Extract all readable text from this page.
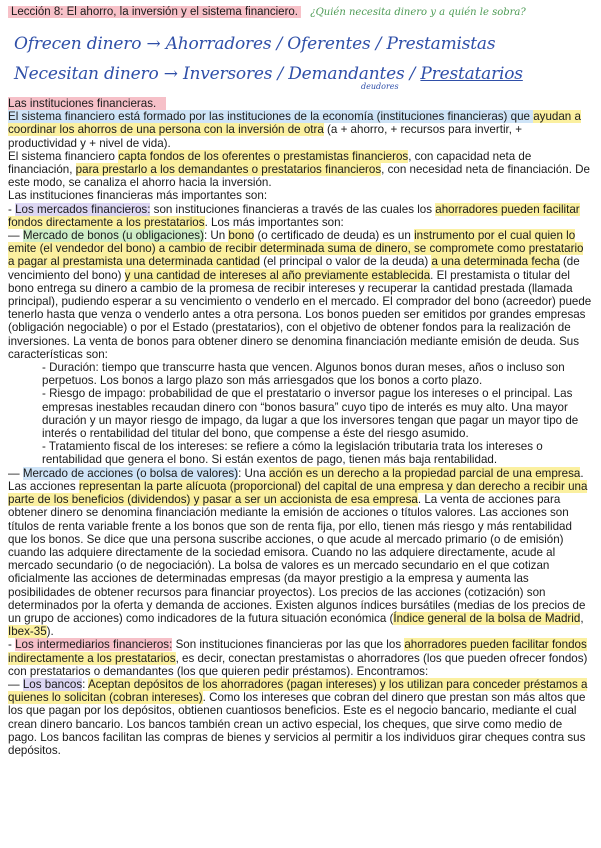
Lección 8: El ahorro, la inversión y el sistema financiero. ¿Quién necesita dinero y a quién le sobra?
Ofrecen dinero → Ahorradores / Oferentes / Prestamistas
Necesitan dinero → Inversores / Demandantes / Prestatarios
deudores

Las instituciones financieras.

El sistema financiero está formado por las instituciones de la economía (instituciones financieras) que ayudan a coordinar los ahorros de una persona con la inversión de otra (a + ahorro, + recursos para invertir, + productividad y + nivel de vida).

El sistema financiero capta fondos de los oferentes o prestamistas financieros, con capacidad neta de financiación, para prestarlo a los demandantes o prestatarios financieros, con necesidad neta de financiación. De este modo, se canaliza el ahorro hacia la inversión.

Las instituciones financieras más importantes son:

- Los mercados financieros: son instituciones financieras a través de las cuales los ahorradores pueden facilitar fondos directamente a los prestatarios. Los más importantes son:

— Mercado de bonos (u obligaciones): Un bono (o certificado de deuda) es un instrumento por el cual quien lo emite (el vendedor del bono) a cambio de recibir determinada suma de dinero, se compromete como prestatario a pagar al prestamista una determinada cantidad (el principal o valor de la deuda) a una determinada fecha (de vencimiento del bono) y una cantidad de intereses al año previamente establecida. El prestamista o titular del bono entrega su dinero a cambio de la promesa de recibir intereses y recuperar la cantidad prestada (llamada principal), pudiendo esperar a su vencimiento o venderlo en el mercado. El comprador del bono (acreedor) puede tenerlo hasta que venza o venderlo antes a otra persona. Los bonos pueden ser emitidos por grandes empresas (obligación negociable) o por el Estado (prestatarios), con el objetivo de obtener fondos para la realización de inversiones. La venta de bonos para obtener dinero se denomina financiación mediante emisión de deuda. Sus características son:

- Duración: tiempo que transcurre hasta que vencen. Algunos bonos duran meses, años o incluso son perpetuos. Los bonos a largo plazo son más arriesgados que los bonos a corto plazo.

- Riesgo de impago: probabilidad de que el prestatario o inversor pague los intereses o el principal. Las empresas inestables recaudan dinero con “bonos basura” cuyo tipo de interés es muy alto. Una mayor duración y un mayor riesgo de impago, da lugar a que los inversores tengan que pagar un mayor tipo de interés o rentabilidad del titular del bono, que compense a éste del riesgo asumido.

- Tratamiento fiscal de los intereses: se refiere a cómo la legislación tributaria trata los intereses o rentabilidad que genera el bono. Si están exentos de pago, tienen más baja rentabilidad.

— Mercado de acciones (o bolsa de valores): Una acción es un derecho a la propiedad parcial de una empresa. Las acciones representan la parte alícuota (proporcional) del capital de una empresa y dan derecho a recibir una parte de los beneficios (dividendos) y pasar a ser un accionista de esa empresa. La venta de acciones para obtener dinero se denomina financiación mediante la emisión de acciones o títulos valores. Las acciones son títulos de renta variable frente a los bonos que son de renta fija, por ello, tienen más riesgo y más rentabilidad que los bonos. Se dice que una persona suscribe acciones, o que acude al mercado primario (o de emisión) cuando las adquiere directamente de la sociedad emisora. Cuando no las adquiere directamente, acude al mercado secundario (o de negociación). La bolsa de valores es un mercado secundario en el que cotizan oficialmente las acciones de determinadas empresas (da mayor prestigio a la empresa y aumenta las posibilidades de obtener recursos para financiar proyectos). Los precios de las acciones (cotización) son determinados por la oferta y demanda de acciones. Existen algunos índices bursátiles (medias de los precios de un grupo de acciones) como indicadores de la futura situación económica (Índice general de la bolsa de Madrid, Ibex-35).

- Los intermediarios financieros: Son instituciones financieras por las que los ahorradores pueden facilitar fondos indirectamente a los prestatarios, es decir, conectan prestamistas o ahorradores (los que pueden ofrecer fondos) con prestatarios o demandantes (los que quieren pedir préstamos). Encontramos:

— Los bancos: Aceptan depósitos de los ahorradores (pagan intereses) y los utilizan para conceder préstamos a quienes lo solicitan (cobran intereses). Como los intereses que cobran del dinero que prestan son más altos que los que pagan por los depósitos, obtienen cuantiosos beneficios. Este es el negocio bancario, mediante el cual crean dinero bancario. Los bancos también crean un activo especial, los cheques, que sirve como medio de pago. Los bancos facilitan las compras de bienes y servicios al permitir a los individuos girar cheques contra sus depósitos.
